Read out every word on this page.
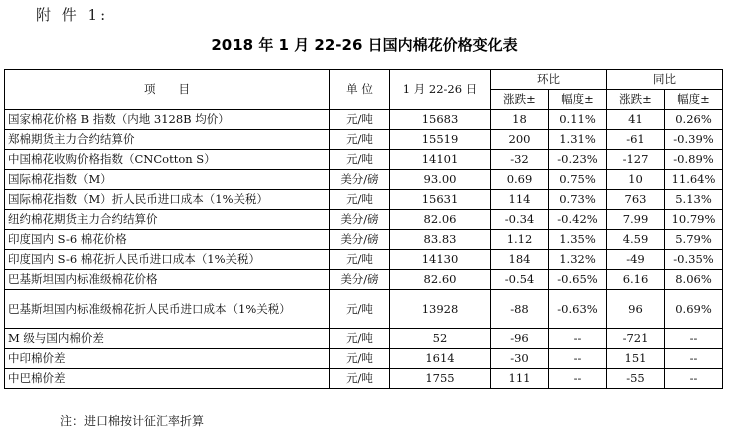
附 件 1:
2018 年 1 月 22-26 日国内棉花价格变化表
项　　目	单 位	1 月 22-26 日	环比		同比	
			涨跌±	幅度±	涨跌±	幅度±
国家棉花价格 B 指数（内地 3128B 均价）	元/吨	15683	18	0.11%	41	0.26%
郑棉期货主力合约结算价	元/吨	15519	200	1.31%	-61	-0.39%
中国棉花收购价格指数（CNCotton S）	元/吨	14101	-32	-0.23%	-127	-0.89%
国际棉花指数（M）	美分/磅	93.00	0.69	0.75%	10	11.64%
国际棉花指数（M）折人民币进口成本（1%关税）	元/吨	15631	114	0.73%	763	5.13%
纽约棉花期货主力合约结算价	美分/磅	82.06	-0.34	-0.42%	7.99	10.79%
印度国内 S-6 棉花价格	美分/磅	83.83	1.12	1.35%	4.59	5.79%
印度国内 S-6 棉花折人民币进口成本（1%关税）	元/吨	14130	184	1.32%	-49	-0.35%
巴基斯坦国内标准级棉花价格	美分/磅	82.60	-0.54	-0.65%	6.16	8.06%
巴基斯坦国内标准级棉花折人民币进口成本（1%关税）	元/吨	13928	-88	-0.63%	96	0.69%
M 级与国内棉价差	元/吨	52	-96	--	-721	--
中印棉价差	元/吨	1614	-30	--	151	--
中巴棉价差	元/吨	1755	111	--	-55	--
注：进口棉按计征汇率折算
